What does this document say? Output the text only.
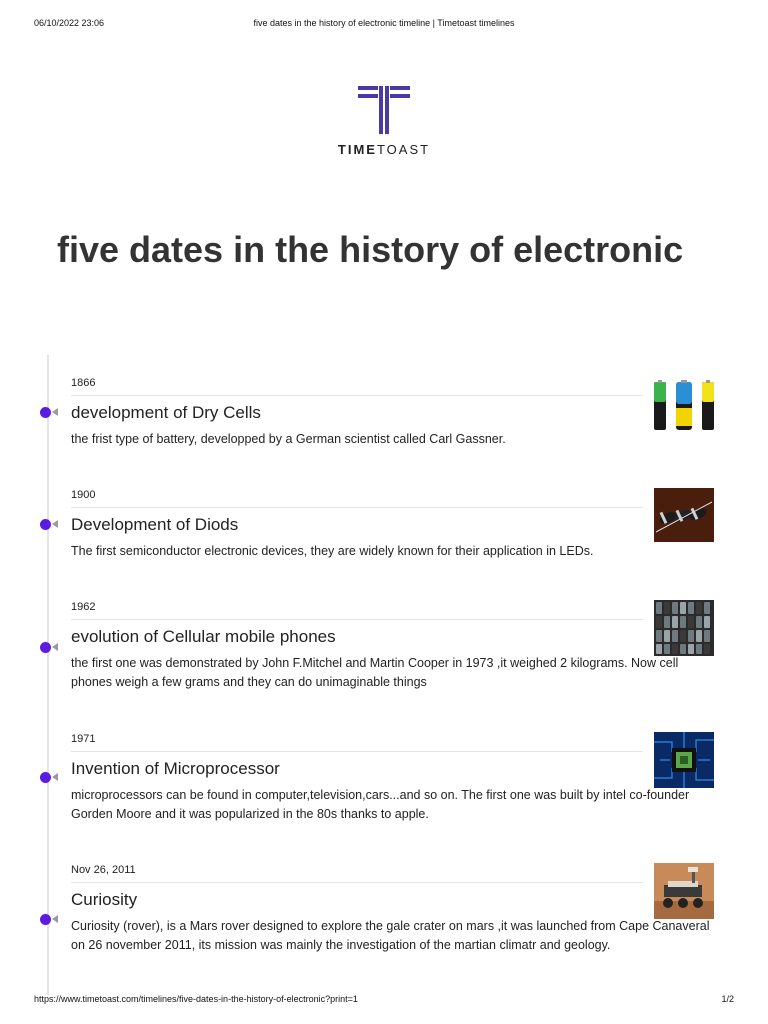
06/10/2022 23:06	five dates in the history of electronic timeline | Timetoast timelines
TIMETOAST
five dates in the history of electronic
1866
development of Dry Cells
the frist type of battery, developped by a German scientist called Carl Gassner.
1900
Development of Diods
The first semiconductor electronic devices, they are widely known for their application in LEDs.
1962
evolution of Cellular mobile phones
the first one was demonstrated by John F.Mitchel and Martin Cooper in 1973 ,it weighed 2 kilograms. Now cell phones weigh a few grams and they can do unimaginable things
1971
Invention of Microprocessor
microprocessors can be found in computer,television,cars...and so on. The first one was built by intel co-founder Gorden Moore and it was popularized in the 80s thanks to apple.
Nov 26, 2011
Curiosity
Curiosity (rover), is a Mars rover designed to explore the gale crater on mars ,it was launched from Cape Canaveral on 26 november 2011, its mission was mainly the investigation of the martian climatr and geology.
https://www.timetoast.com/timelines/five-dates-in-the-history-of-electronic?print=1	1/2
